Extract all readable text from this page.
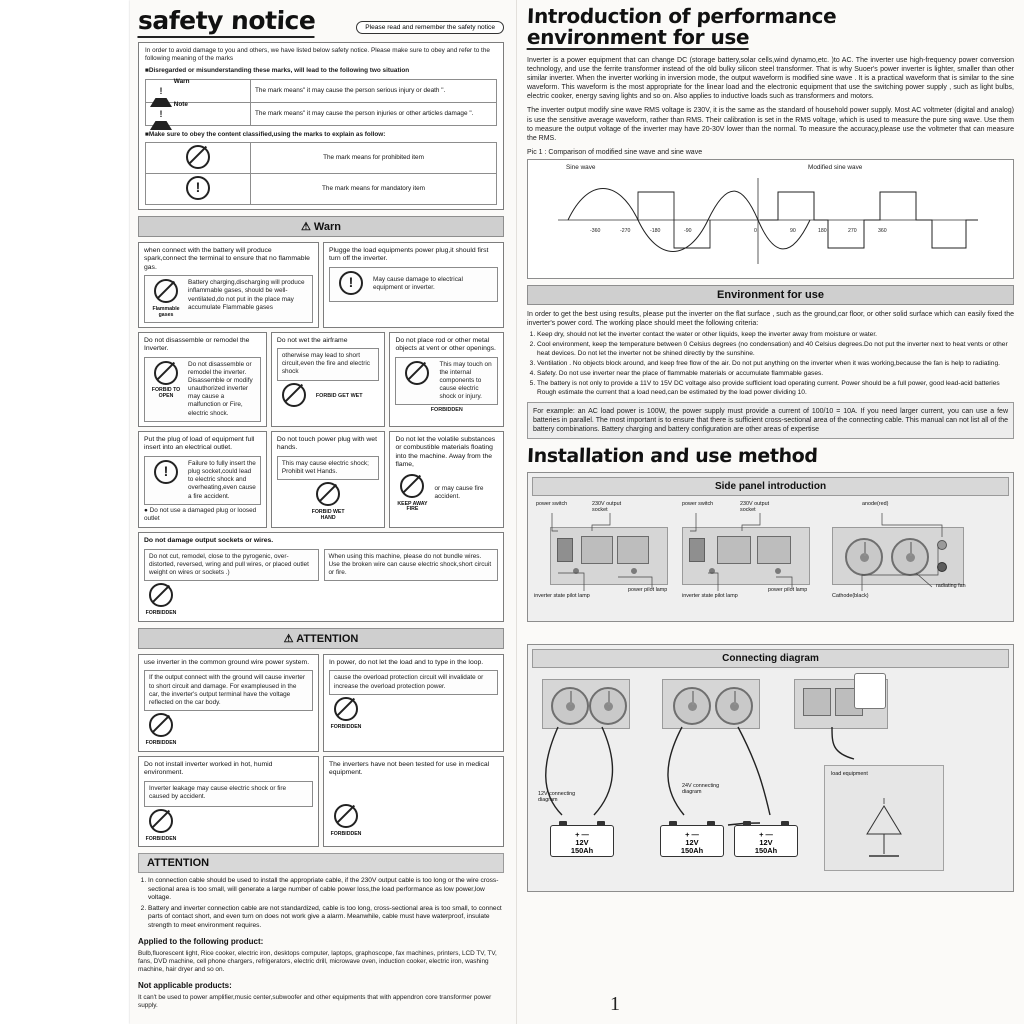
safety notice	Please read and remember the safety notice
In order to avoid damage to you and others, we have listed below safety notice. Please make sure to obey and refer to the following meaning of the marks
■Disregarded or misunderstanding these marks, will lead to the following two situation
!
Warn	The mark means" it may cause the person serious injury or death ".

!
Note	The mark means" it may cause the person injuries or other articles damage ".
■Make sure to obey the content classified,using the marks to explain as follow:
	The mark means for prohibited item
!	The mark means for mandatory item
⚠ Warn
when connect with the battery will produce spark,connect the terminal to ensure that no flammable gas.
Flammable gases
Battery charging,discharging will produce inflammable gases, should be well-ventilated,do not put in the place may accumulate Flammable gases
Plugge the load equipments power plug,it should first turn off the inverter.
!
May cause damage to electrical equipment or inverter.
Do not disassemble or remodel the Inverter.
FORBID TO OPEN
Do not disassemble or remodel the inverter. Disassemble or modify unauthorized inverter may cause a malfunction or Fire, electric shock.
Do not wet the airframe
otherwise may lead to short circuit,even the fire and electric shock
FORBID GET WET
Do not place rod or other metal objects at vent or other openings.
This may touch on the internal components to cause electric shock or injury.
FORBIDDEN
Put the plug of load of equipment full insert into an electrical outlet.
!
Failure to fully insert the plug socket,could lead to electric shock and overheating,even cause a fire accident.
● Do not use a damaged plug or loosed outlet
Do not touch power plug with wet hands.
This may cause electric shock; Prohibit wet Hands.
FORBID WET HAND
Do not let the volatile substances or combustible materials floating into the machine. Away from the flame,
KEEP AWAY FIRE
or may cause fire accident.
Do not damage output sockets or wires.
Do not cut, remodel, close to the pyrogenic, over-distorted, reversed, wring and pull wires, or placed outlet weight on wires or sockets .)
When using this machine, please do not bundle wires. Use the broken wire can cause electric shock,short circuit or fire.
FORBIDDEN
⚠ ATTENTION
use inverter in the common ground wire power system.
If the output connect with the ground will cause inverter to short circuit and damage. For exampleused in the car, the inverter's output terminal have the voltage reflected on the car body.
FORBIDDEN
In power, do not let the load and to type in the loop.
cause the overload protection circuit will invalidate or increase the overload protection power.
FORBIDDEN
Do not install inverter worked in hot, humid environment.
Inverter leakage may cause electric shock or fire caused by accident.
FORBIDDEN
The inverters have not been tested for use in medical equipment.
FORBIDDEN
ATTENTION
1. In connection cable should be used to install the appropriate cable, if the 230V output cable is too long or the wire cross-sectional area is too small, will generate a large number of cable power loss,the load performance as low power,low voltage.
2. Battery and inverter connection cable are not standardized, cable is too long, cross-sectional area is too small, to connect parts of contact short, and even turn on does not work give a alarm. Meanwhile, cable must have waterproof, insulate strength to meet environment requires.
Applied to the following product:
Bulb,fluorescent light, Rice cooker, electric iron, desktops computer, laptops, graphoscope, fax machines, printers, LCD TV, TV, fans, DVD machine, cell phone chargers, refrigerators, electric drill, microwave oven, induction cooker, electric iron, washing machine, hair dryer and so on.
Not applicable products:
It can't be used to power amplifier,music center,subwoofer and other equipments that with appendron core transformer power supply.
Introduction of performance
environment for use
Inverter is a power equipment that can change DC (storage battery,solar cells,wind dynamo,etc. )to AC. The inverter use high-frequency power conversion technology, and use the ferrite transformer instead of the old bulky silicon steel transformer. That is why Suoer's power inverter is lighter, smaller than other similar inverter. When the inverter working in inversion mode, the output waveform is modified sine wave . It is a practical waveform that is similar to the sine waveform. This waveform is the most appropriate for the linear load and the electronic equipment that use the switching power supply , such as light bulbs, electric cooker, energy saving lights and so on. Also applies to inductive loads such as transformers and motors.
The inverter output modify sine wave RMS voltage is 230V, it is the same as the standard of household power supply. Most AC voltmeter (digital and analog) is use the sensitive average waveform, rather than RMS. Their calibration is set in the RMS voltage, which is used to measure the pure sing wave. Use them to measure the output voltage of the inverter may have 20-30V lower than the normal. To measure the accuracy,please use the voltmeter that can measure the RMS.
Pic 1 : Comparison of modified sine wave and sine wave
Sine wave	Modified sine wave
-360	-270	-180	-90	0	90	180	270	360
Environment for use
In order to get the best using results, please put the inverter on the flat surface , such as the ground,car floor, or other solid surface which can easily fixed the inverter's power cord. The working place should meet the following criteria:
1. Keep dry, should not let the inverter contact the water or other liquids, keep the inverter away from moisture or water.
2. Cool environment, keep the temperature between 0 Celsius degrees (no condensation) and 40 Celsius degrees.Do not put the inverter next to heat vents or other heat devices. Do not let the inverter not be shined directly by the sunshine.
3. Ventilation . No objects block around, and keep free flow of the air. Do not put anything on the inverter when it was working,because the fan is help to radiating.
4. Safety. Do not use inverter near the place of flammable materials or accumulate flammable gases.
5. The battery is not only to provide a 11V to 15V DC voltage also provide sufficient load operating current. Power should be a full power, good lead-acid batteries Rough estimate the current that a load need,can be estimated by the load power dividing 10.
For example: an AC load power is 100W, the power supply must provide a current of 100/10 = 10A. If you need larger current, you can use a few batteries in parallel. The most important is to ensure that there is sufficient cross-sectional area of the connecting cable. This manual can not list all of the battery combinations. Battery charging and battery configuration are other areas of expertise
Installation and use method
Side panel introduction
power switch	230V output socket
power switch	230V output socket
anode(red)
inverter state pilot lamp
power pilot lamp
inverter state pilot lamp
power pilot lamp
Cathode(black)
radiating fan

Connecting diagram
load equipment
12V connecting diagram
24V connecting diagram
+ —
12V
150Ah
+ —
12V
150Ah
+ —
12V
150Ah
1
